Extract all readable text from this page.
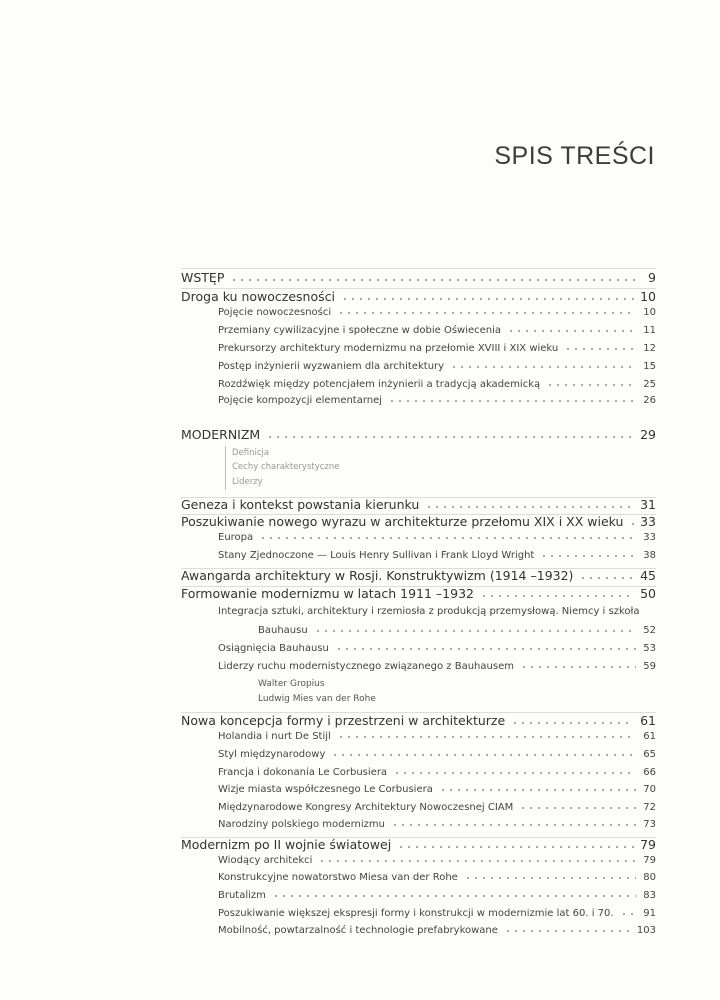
SPIS TREŚCI
WSTĘP	9
Droga ku nowoczesności	10
Pojęcie nowoczesności	10
Przemiany cywilizacyjne i społeczne w dobie Oświecenia	11
Prekursorzy architektury modernizmu na przełomie XVIII i XIX wieku	12
Postęp inżynierii wyzwaniem dla architektury	15
Rozdźwięk między potencjałem inżynierii a tradycją akademicką	25
Pojęcie kompozycji elementarnej	26
MODERNIZM	29
Definicja
Cechy charakterystyczne
Liderzy
Geneza i kontekst powstania kierunku	31
Poszukiwanie nowego wyrazu w architekturze przełomu XIX i XX wieku 33
Europa	33
Stany Zjednoczone — Louis Henry Sullivan i Frank Lloyd Wright	38
Awangarda architektury w Rosji. Konstruktywizm (1914 –1932)	45
Formowanie modernizmu w latach 1911 –1932	50
Integracja sztuki, architektury i rzemiosła z produkcją przemysłową. Niemcy i szkoła
Bauhausu	52
Osiągnięcia Bauhausu	53
Liderzy ruchu modernistycznego związanego z Bauhausem	59
Walter Gropius
Ludwig Mies van der Rohe
Nowa koncepcja formy i przestrzeni w architekturze	61
Holandia i nurt De Stijl	61
Styl międzynarodowy	65
Francja i dokonania Le Corbusiera	66
Wizje miasta współczesnego Le Corbusiera	70
Międzynarodowe Kongresy Architektury Nowoczesnej CIAM	72
Narodziny polskiego modernizmu	73
Modernizm po II wojnie światowej	79
Wiodący architekci	79
Konstrukcyjne nowatorstwo Miesa van der Rohe	80
Brutalizm	83
Poszukiwanie większej ekspresji formy i konstrukcji w modernizmie lat 60. i 70.	91
Mobilność, powtarzalność i technologie prefabrykowane	103
